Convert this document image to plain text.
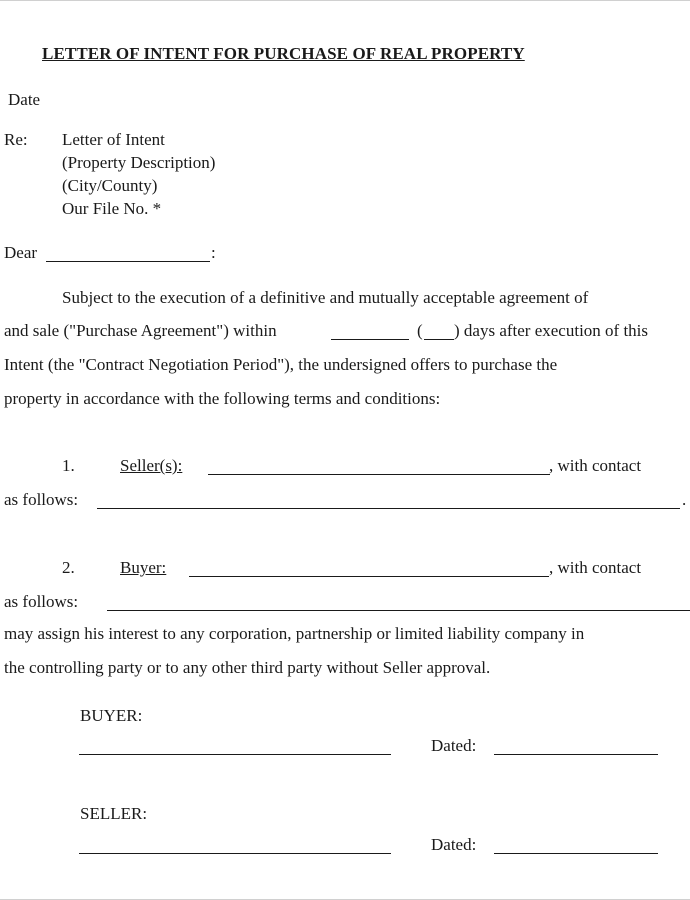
LETTER OF INTENT FOR PURCHASE OF REAL PROPERTY
Date
Re: Letter of Intent
(Property Description)
(City/County)
Our File No. *
Dear	:
Subject to the execution of a definitive and mutually acceptable agreement of
and sale ("Purchase Agreement") within	( ) days after execution of this
Intent (the "Contract Negotiation Period"), the undersigned offers to purchase the
property in accordance with the following terms and conditions:
1.	Seller(s):	, with contact
as follows:	.
2.	Buyer:	, with contact
as follows:
may assign his interest to any corporation, partnership or limited liability company in
the controlling party or to any other third party without Seller approval.
BUYER:
Dated:
SELLER:
Dated:
